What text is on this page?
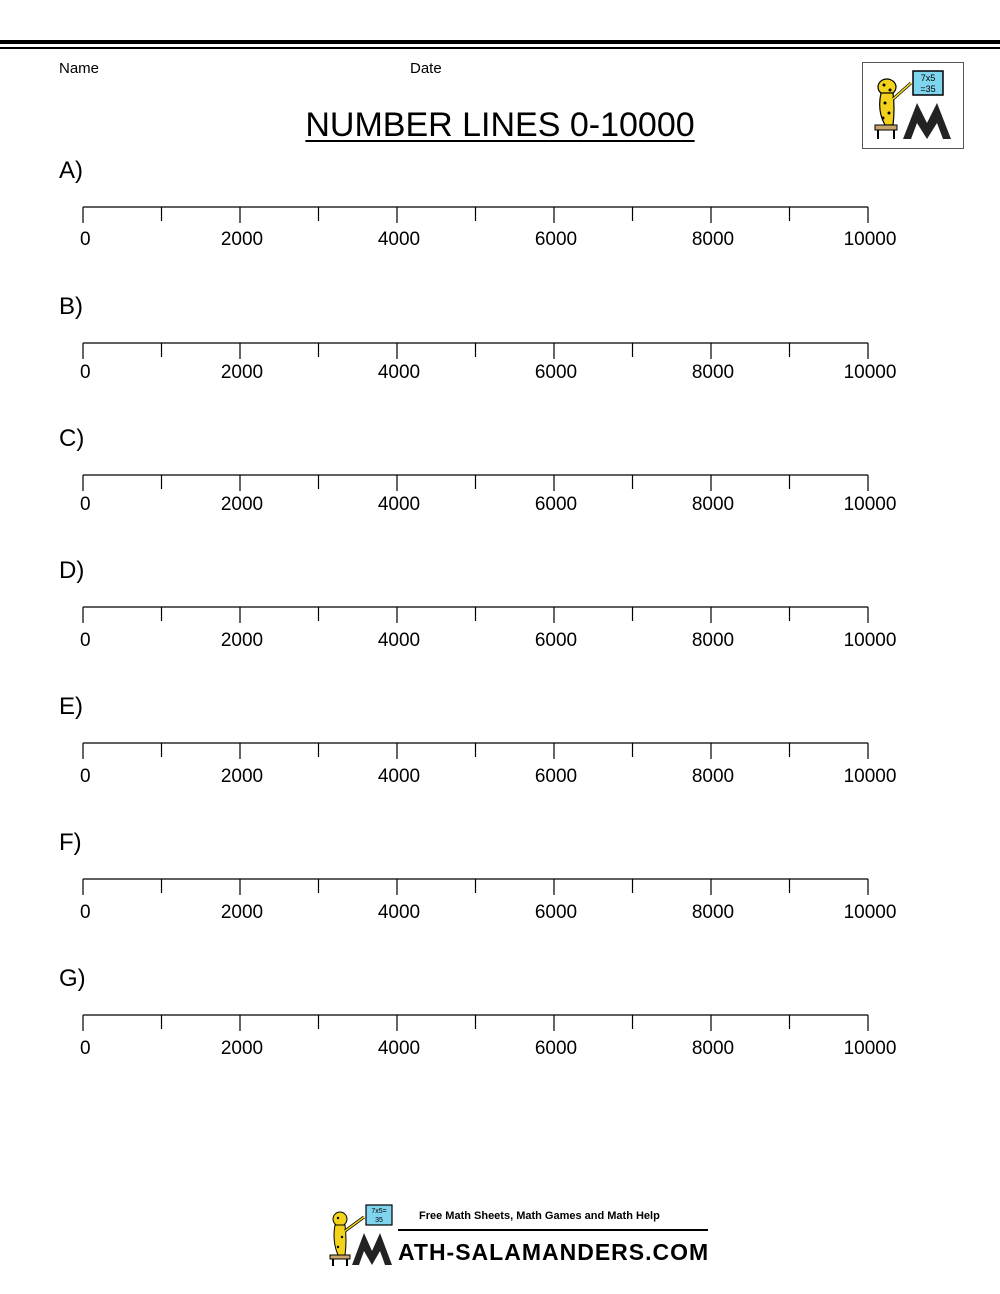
Name	Date
NUMBER LINES 0-10000
7x5
=35
A)
0	2000	4000	6000	8000	10000
B)
0	2000	4000	6000	8000	10000
C)
0	2000	4000	6000	8000	10000
D)
0	2000	4000	6000	8000	10000
E)
0	2000	4000	6000	8000	10000
F)
0	2000	4000	6000	8000	10000
G)
0	2000	4000	6000	8000	10000
7x5=
35	Free Math Sheets, Math Games and Math Help
ATH-SALAMANDERS.COM
